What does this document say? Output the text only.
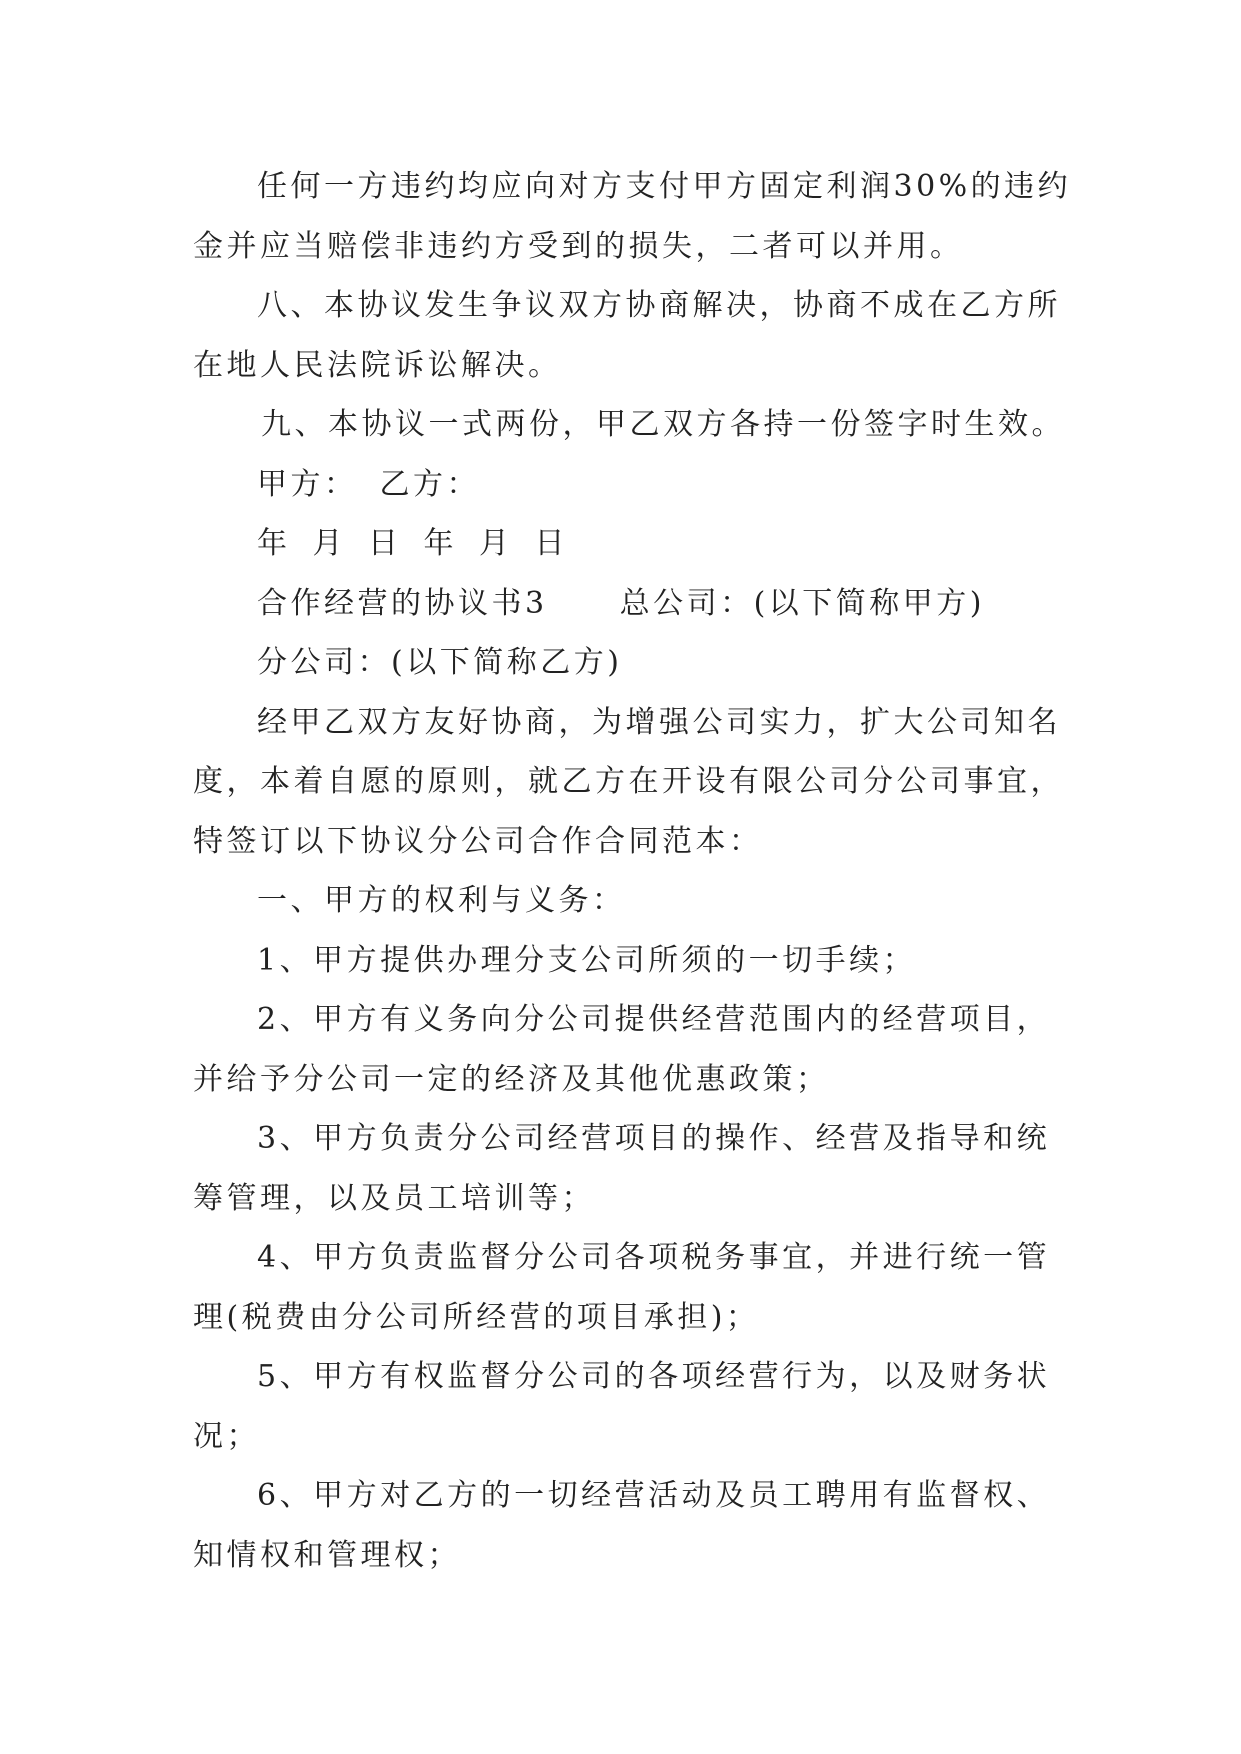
任何一方违约均应向对方支付甲方固定利润30%的违约

金并应当赔偿非违约方受到的损失，二者可以并用。

八、本协议发生争议双方协商解决，协商不成在乙方所

在地人民法院诉讼解决。

九、本协议一式两份，甲乙双方各持一份签字时生效。

甲方： 乙方：

年 月 日 年 月 日

合作经营的协议书3 总公司：(以下简称甲方)

分公司：(以下简称乙方)

经甲乙双方友好协商，为增强公司实力，扩大公司知名

度，本着自愿的原则，就乙方在开设有限公司分公司事宜，

特签订以下协议分公司合作合同范本：

一、甲方的权利与义务：

1、甲方提供办理分支公司所须的一切手续；

2、甲方有义务向分公司提供经营范围内的经营项目，

并给予分公司一定的经济及其他优惠政策；

3、甲方负责分公司经营项目的操作、经营及指导和统

筹管理，以及员工培训等；

4、甲方负责监督分公司各项税务事宜，并进行统一管

理(税费由分公司所经营的项目承担)；

5、甲方有权监督分公司的各项经营行为，以及财务状

况；

6、甲方对乙方的一切经营活动及员工聘用有监督权、

知情权和管理权；
